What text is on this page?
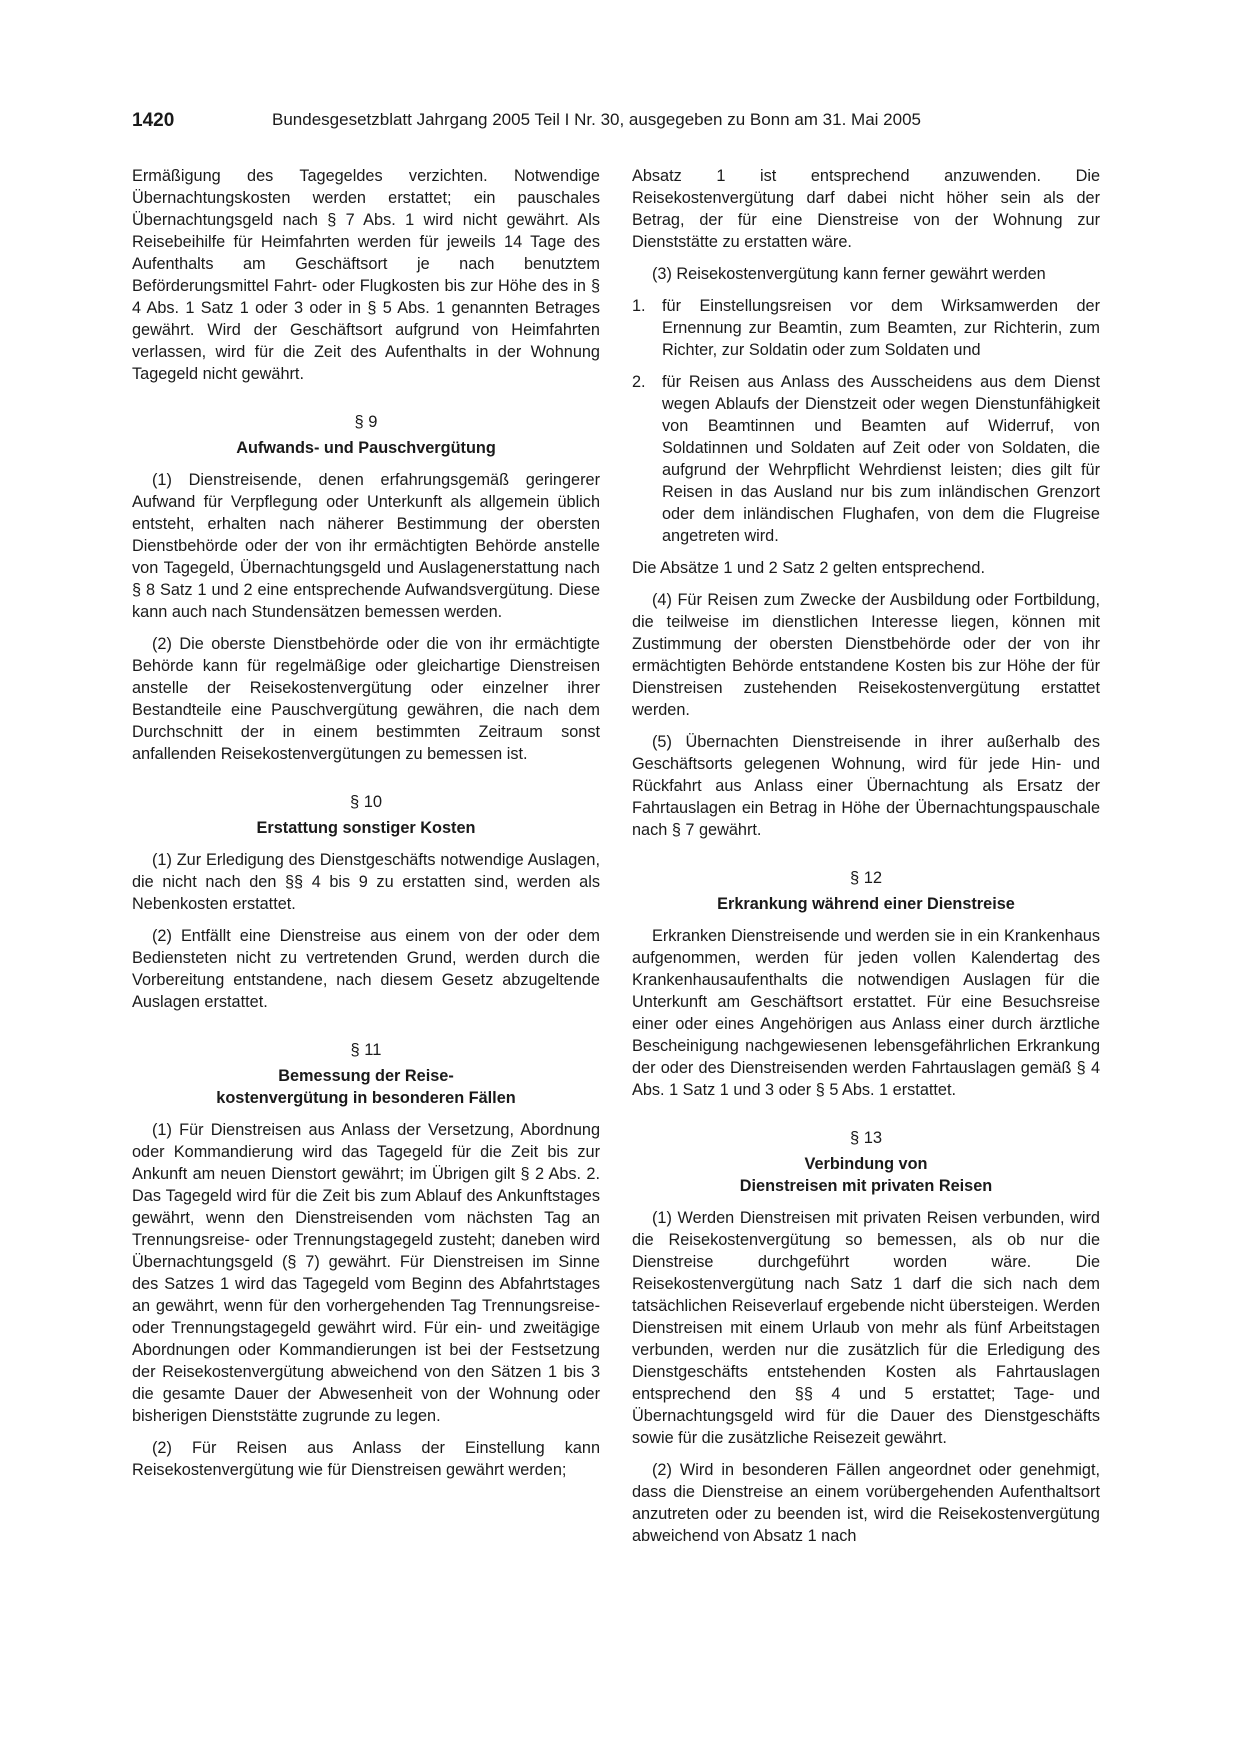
1420	Bundesgesetzblatt Jahrgang 2005 Teil I Nr. 30, ausgegeben zu Bonn am 31. Mai 2005

Ermäßigung des Tagegeldes verzichten. Notwendige Übernachtungskosten werden erstattet; ein pauschales Übernachtungsgeld nach § 7 Abs. 1 wird nicht gewährt. Als Reisebeihilfe für Heimfahrten werden für jeweils 14 Tage des Aufenthalts am Geschäftsort je nach benutztem Beförderungsmittel Fahrt- oder Flugkosten bis zur Höhe des in § 4 Abs. 1 Satz 1 oder 3 oder in § 5 Abs. 1 genannten Betrages gewährt. Wird der Geschäftsort aufgrund von Heimfahrten verlassen, wird für die Zeit des Aufenthalts in der Wohnung Tagegeld nicht gewährt.

§ 9
Aufwands- und Pauschvergütung

(1) Dienstreisende, denen erfahrungsgemäß geringerer Aufwand für Verpflegung oder Unterkunft als allgemein üblich entsteht, erhalten nach näherer Bestimmung der obersten Dienstbehörde oder der von ihr ermächtigten Behörde anstelle von Tagegeld, Übernachtungsgeld und Auslagenerstattung nach § 8 Satz 1 und 2 eine entsprechende Aufwandsvergütung. Diese kann auch nach Stundensätzen bemessen werden.

(2) Die oberste Dienstbehörde oder die von ihr ermächtigte Behörde kann für regelmäßige oder gleichartige Dienstreisen anstelle der Reisekostenvergütung oder einzelner ihrer Bestandteile eine Pauschvergütung gewähren, die nach dem Durchschnitt der in einem bestimmten Zeitraum sonst anfallenden Reisekostenvergütungen zu bemessen ist.

§ 10
Erstattung sonstiger Kosten

(1) Zur Erledigung des Dienstgeschäfts notwendige Auslagen, die nicht nach den §§ 4 bis 9 zu erstatten sind, werden als Nebenkosten erstattet.

(2) Entfällt eine Dienstreise aus einem von der oder dem Bediensteten nicht zu vertretenden Grund, werden durch die Vorbereitung entstandene, nach diesem Gesetz abzugeltende Auslagen erstattet.

§ 11
Bemessung der Reise-
kostenvergütung in besonderen Fällen

(1) Für Dienstreisen aus Anlass der Versetzung, Abordnung oder Kommandierung wird das Tagegeld für die Zeit bis zur Ankunft am neuen Dienstort gewährt; im Übrigen gilt § 2 Abs. 2. Das Tagegeld wird für die Zeit bis zum Ablauf des Ankunftstages gewährt, wenn den Dienstreisenden vom nächsten Tag an Trennungsreise- oder Trennungstagegeld zusteht; daneben wird Übernachtungsgeld (§ 7) gewährt. Für Dienstreisen im Sinne des Satzes 1 wird das Tagegeld vom Beginn des Abfahrtstages an gewährt, wenn für den vorhergehenden Tag Trennungsreise- oder Trennungstagegeld gewährt wird. Für ein- und zweitägige Abordnungen oder Kommandierungen ist bei der Festsetzung der Reisekostenvergütung abweichend von den Sätzen 1 bis 3 die gesamte Dauer der Abwesenheit von der Wohnung oder bisherigen Dienststätte zugrunde zu legen.

(2) Für Reisen aus Anlass der Einstellung kann Reisekostenvergütung wie für Dienstreisen gewährt werden;

Absatz 1 ist entsprechend anzuwenden. Die Reisekostenvergütung darf dabei nicht höher sein als der Betrag, der für eine Dienstreise von der Wohnung zur Dienststätte zu erstatten wäre.

(3) Reisekostenvergütung kann ferner gewährt werden

1. für Einstellungsreisen vor dem Wirksamwerden der Ernennung zur Beamtin, zum Beamten, zur Richterin, zum Richter, zur Soldatin oder zum Soldaten und
2. für Reisen aus Anlass des Ausscheidens aus dem Dienst wegen Ablaufs der Dienstzeit oder wegen Dienstunfähigkeit von Beamtinnen und Beamten auf Widerruf, von Soldatinnen und Soldaten auf Zeit oder von Soldaten, die aufgrund der Wehrpflicht Wehrdienst leisten; dies gilt für Reisen in das Ausland nur bis zum inländischen Grenzort oder dem inländischen Flughafen, von dem die Flugreise angetreten wird.

Die Absätze 1 und 2 Satz 2 gelten entsprechend.

(4) Für Reisen zum Zwecke der Ausbildung oder Fortbildung, die teilweise im dienstlichen Interesse liegen, können mit Zustimmung der obersten Dienstbehörde oder der von ihr ermächtigten Behörde entstandene Kosten bis zur Höhe der für Dienstreisen zustehenden Reisekostenvergütung erstattet werden.

(5) Übernachten Dienstreisende in ihrer außerhalb des Geschäftsorts gelegenen Wohnung, wird für jede Hin- und Rückfahrt aus Anlass einer Übernachtung als Ersatz der Fahrtauslagen ein Betrag in Höhe der Übernachtungspauschale nach § 7 gewährt.

§ 12
Erkrankung während einer Dienstreise

Erkranken Dienstreisende und werden sie in ein Krankenhaus aufgenommen, werden für jeden vollen Kalendertag des Krankenhausaufenthalts die notwendigen Auslagen für die Unterkunft am Geschäftsort erstattet. Für eine Besuchsreise einer oder eines Angehörigen aus Anlass einer durch ärztliche Bescheinigung nachgewiesenen lebensgefährlichen Erkrankung der oder des Dienstreisenden werden Fahrtauslagen gemäß § 4 Abs. 1 Satz 1 und 3 oder § 5 Abs. 1 erstattet.

§ 13
Verbindung von
Dienstreisen mit privaten Reisen

(1) Werden Dienstreisen mit privaten Reisen verbunden, wird die Reisekostenvergütung so bemessen, als ob nur die Dienstreise durchgeführt worden wäre. Die Reisekostenvergütung nach Satz 1 darf die sich nach dem tatsächlichen Reiseverlauf ergebende nicht übersteigen. Werden Dienstreisen mit einem Urlaub von mehr als fünf Arbeitstagen verbunden, werden nur die zusätzlich für die Erledigung des Dienstgeschäfts entstehenden Kosten als Fahrtauslagen entsprechend den §§ 4 und 5 erstattet; Tage- und Übernachtungsgeld wird für die Dauer des Dienstgeschäfts sowie für die zusätzliche Reisezeit gewährt.

(2) Wird in besonderen Fällen angeordnet oder genehmigt, dass die Dienstreise an einem vorübergehenden Aufenthaltsort anzutreten oder zu beenden ist, wird die Reisekostenvergütung abweichend von Absatz 1 nach
